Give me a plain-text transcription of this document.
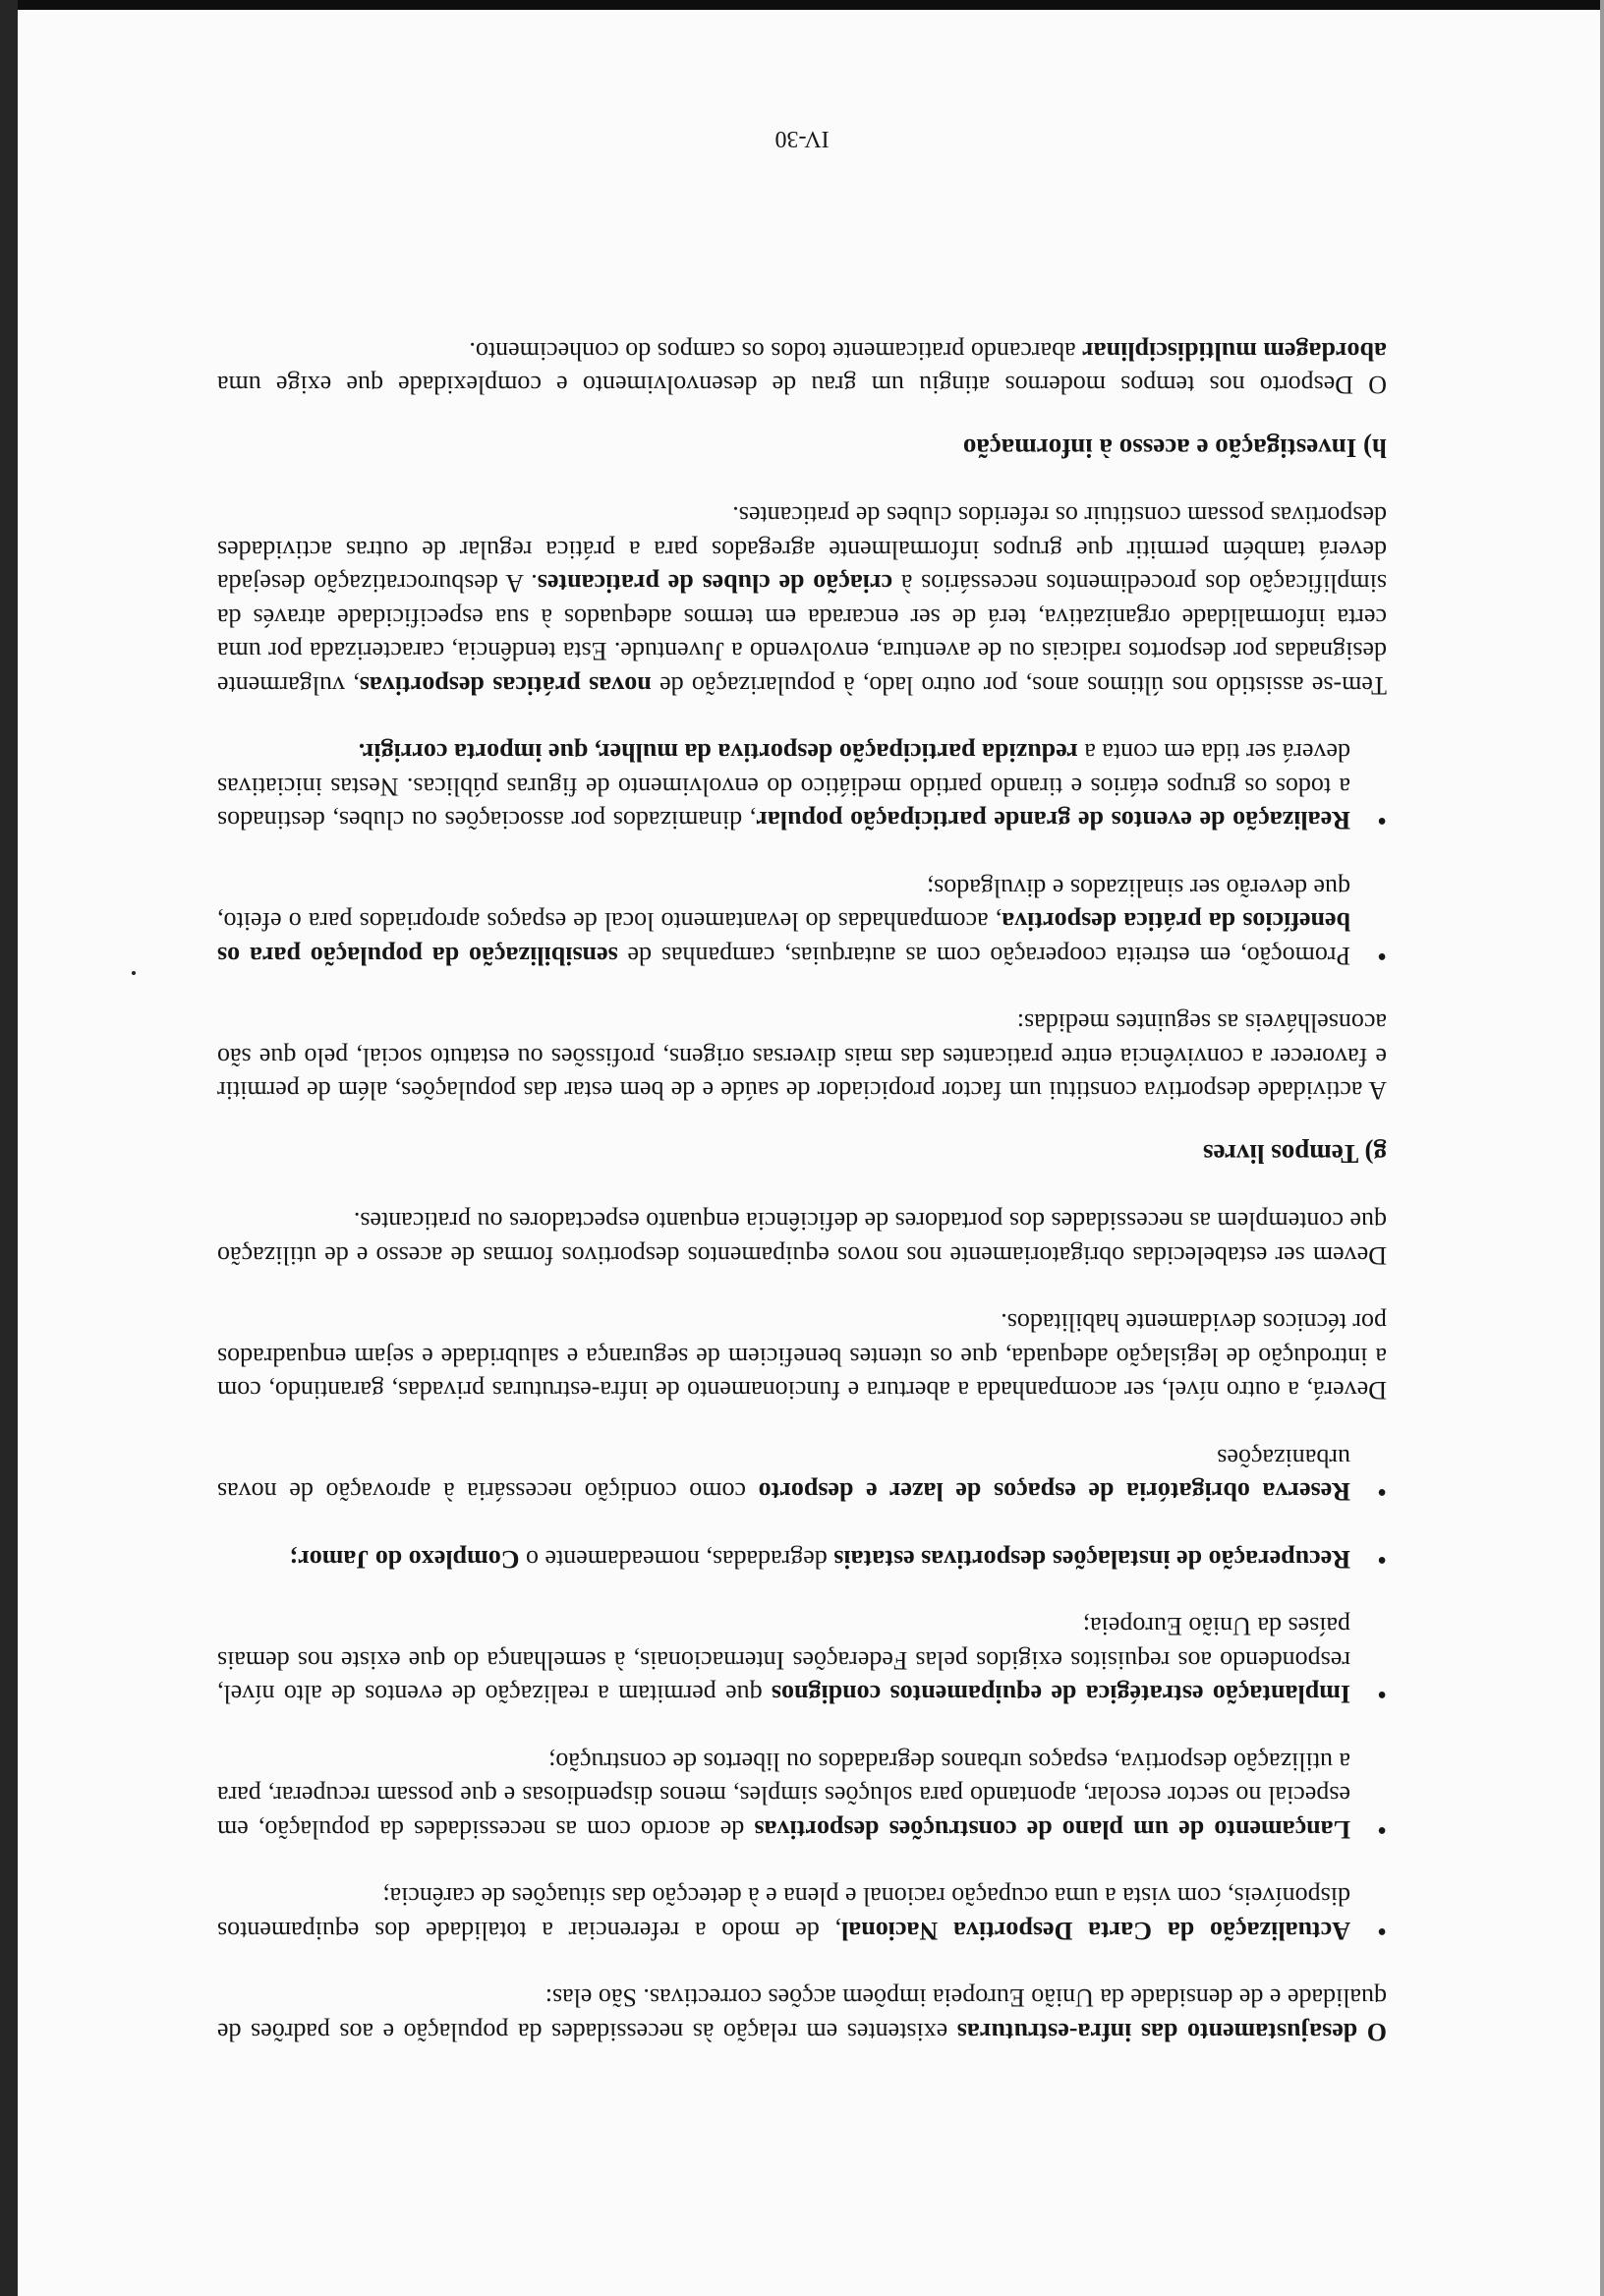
O desajustamento das infra-estruturas existentes em relação às necessidades da população e aos padrões de qualidade e de densidade da União Europeia impõem acções correctivas. São elas:

• Actualização da Carta Desportiva Nacional, de modo a referenciar a totalidade dos equipamentos disponíveis, com vista a uma ocupação racional e plena e à detecção das situações de carência;
• Lançamento de um plano de construções desportivas de acordo com as necessidades da população, em especial no sector escolar, apontando para soluções simples, menos dispendiosas e que possam recuperar, para a utilização desportiva, espaços urbanos degradados ou libertos de construção;
• Implantação estratégica de equipamentos condignos que permitam a realização de eventos de alto nível, respondendo aos requisitos exigidos pelas Federações Internacionais, à semelhança do que existe nos demais países da União Europeia;
• Recuperação de instalações desportivas estatais degradadas, nomeadamente o Complexo do Jamor;
• Reserva obrigatória de espaços de lazer e desporto como condição necessária à aprovação de novas urbanizações

Deverá, a outro nível, ser acompanhada a abertura e funcionamento de infra-estruturas privadas, garantindo, com a introdução de legislação adequada, que os utentes beneficiem de segurança e salubridade e sejam enquadrados por técnicos devidamente habilitados.

Devem ser estabelecidas obrigatoriamente nos novos equipamentos desportivos formas de acesso e de utilização que contemplem as necessidades dos portadores de deficiência enquanto espectadores ou praticantes.

g) Tempos livres

A actividade desportiva constitui um factor propiciador de saúde e de bem estar das populações, além de permitir e favorecer a convivência entre praticantes das mais diversas origens, profissões ou estatuto social, pelo que são aconselháveis as seguintes medidas:

• Promoção, em estreita cooperação com as autarquias, campanhas de sensibilização da população para os benefícios da prática desportiva, acompanhadas do levantamento local de espaços apropriados para o efeito, que deverão ser sinalizados e divulgados;
• Realização de eventos de grande participação popular, dinamizados por associações ou clubes, destinados a todos os grupos etários e tirando partido mediático do envolvimento de figuras públicas. Nestas iniciativas deverá ser tida em conta a reduzida participação desportiva da mulher, que importa corrigir.

Tem-se assistido nos últimos anos, por outro lado, à popularização de novas práticas desportivas, vulgarmente designadas por desportos radicais ou de aventura, envolvendo a Juventude. Esta tendência, caracterizada por uma certa informalidade organizativa, terá de ser encarada em termos adequados à sua especificidade através da simplificação dos procedimentos necessários à criação de clubes de praticantes. A desburocratização desejada deverá também permitir que grupos informalmente agregados para a prática regular de outras actividades desportivas possam constituir os referidos clubes de praticantes.

h) Investigação e acesso à informação

O Desporto nos tempos modernos atingiu um grau de desenvolvimento e complexidade que exige uma abordagem multidisciplinar abarcando praticamente todos os campos do conhecimento.

IV-30
